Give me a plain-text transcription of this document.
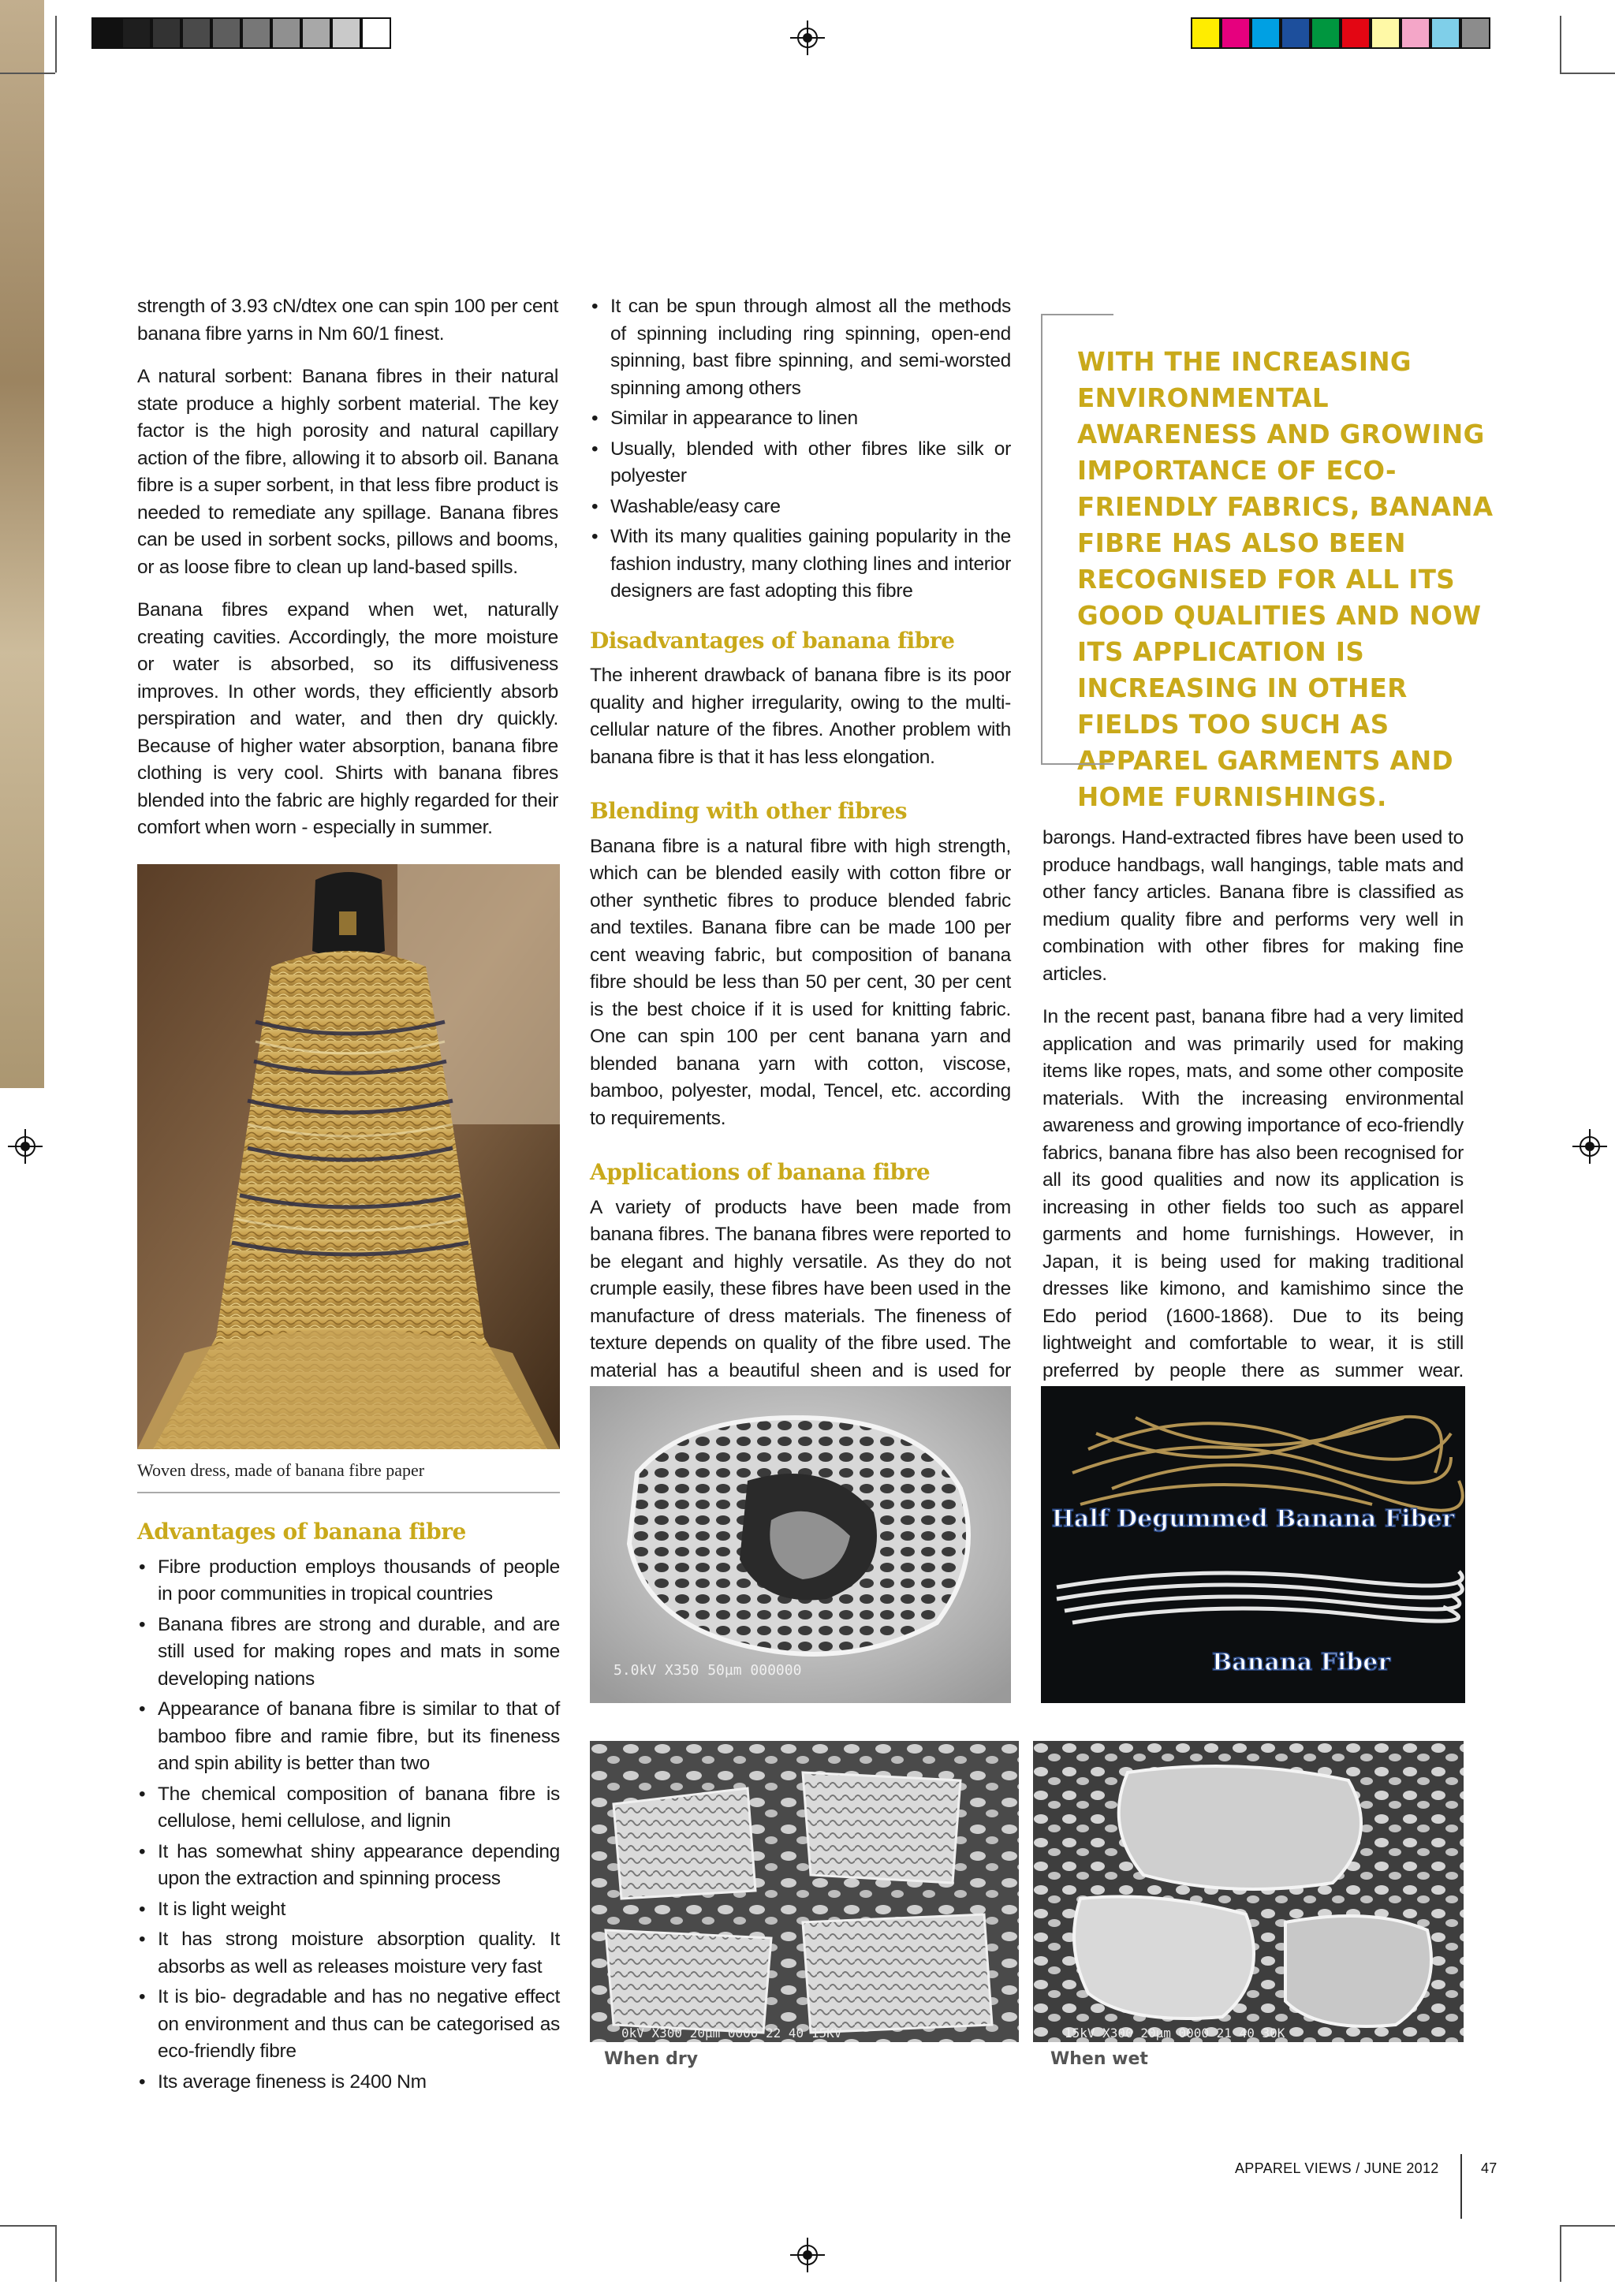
strength of 3.93 cN/dtex one can spin 100 per cent banana fibre yarns in Nm 60/1 finest.

A natural sorbent: Banana fibres in their natural state produce a highly sorbent material. The key factor is the high porosity and natural capillary action of the fibre, allowing it to absorb oil. Banana fibre is a super sorbent, in that less fibre product is needed to remediate any spillage. Banana fibres can be used in sorbent socks, pillows and booms, or as loose fibre to clean up land-based spills.

Banana fibres expand when wet, naturally creating cavities. Accordingly, the more moisture or water is absorbed, so its diffusiveness improves. In other words, they efficiently absorb perspiration and water, and then dry quickly. Because of higher water absorption, banana fibre clothing is very cool. Shirts with banana fibres blended into the fabric are highly regarded for their comfort when worn - especially in summer.

Woven dress, made of banana fibre paper
Advantages of banana fibre
• Fibre production employs thousands of people in poor communities in tropical countries
• Banana fibres are strong and durable, and are still used for making ropes and mats in some developing nations
• Appearance of banana fibre is similar to that of bamboo fibre and ramie fibre, but its fineness and spin ability is better than two
• The chemical composition of banana fibre is cellulose, hemi cellulose, and lignin
• It has somewhat shiny appearance depending upon the extraction and spinning process
• It is light weight
• It has strong moisture absorption quality. It absorbs as well as releases moisture very fast
• It is bio- degradable and has no negative effect on environment and thus can be categorised as eco-friendly fibre
• Its average fineness is 2400 Nm
• It can be spun through almost all the methods of spinning including ring spinning, open-end spinning, bast fibre spinning, and semi-worsted spinning among others
• Similar in appearance to linen
• Usually, blended with other fibres like silk or polyester
• Washable/easy care
• With its many qualities gaining popularity in the fashion industry, many clothing lines and interior designers are fast adopting this fibre
Disadvantages of banana fibre

The inherent drawback of banana fibre is its poor quality and higher irregularity, owing to the multi-cellular nature of the fibres. Another problem with banana fibre is that it has less elongation.

Blending with other fibres

Banana fibre is a natural fibre with high strength, which can be blended easily with cotton fibre or other synthetic fibres to produce blended fabric and textiles. Banana fibre can be made 100 per cent weaving fabric, but composition of banana fibre should be less than 50 per cent, 30 per cent is the best choice if it is used for knitting fabric. One can spin 100 per cent banana yarn and blended banana yarn with cotton, viscose, bamboo, polyester, modal, Tencel, etc. according to requirements.

Applications of banana fibre

A variety of products have been made from banana fibres. The banana fibres were reported to be elegant and highly versatile. As they do not crumple easily, these fibres have been used in the manufacture of dress materials. The fineness of texture depends on quality of the fibre used. The material has a beautiful sheen and is used for

WITH THE INCREASING ENVIRONMENTAL AWARENESS AND GROWING IMPORTANCE OF ECO-FRIENDLY FABRICS, BANANA FIBRE HAS ALSO BEEN RECOGNISED FOR ALL ITS GOOD QUALITIES AND NOW ITS APPLICATION IS INCREASING IN OTHER FIELDS TOO SUCH AS APPAREL GARMENTS AND HOME FURNISHINGS.

barongs. Hand-extracted fibres have been used to produce handbags, wall hangings, table mats and other fancy articles. Banana fibre is classified as medium quality fibre and performs very well in combination with other fibres for making fine articles.

In the recent past, banana fibre had a very limited application and was primarily used for making items like ropes, mats, and some other composite materials. With the increasing environmental awareness and growing importance of eco-friendly fabrics, banana fibre has also been recognised for all its good qualities and now its application is increasing in other fields too such as apparel garments and home furnishings. However, in Japan, it is being used for making traditional dresses like kimono, and kamishimo since the Edo period (1600-1868). Due to its being lightweight and comfortable to wear, it is still preferred by people there as summer wear.

5.0kV X350 50µm 000000
Half Degummed Banana Fiber
Banana Fiber
0kV X300 20µm 0000 22 40 15KV
When dry
15kV X300 20µm 0000 21 40 30K
When wet
APPAREL VIEWS / JUNE 2012	47
